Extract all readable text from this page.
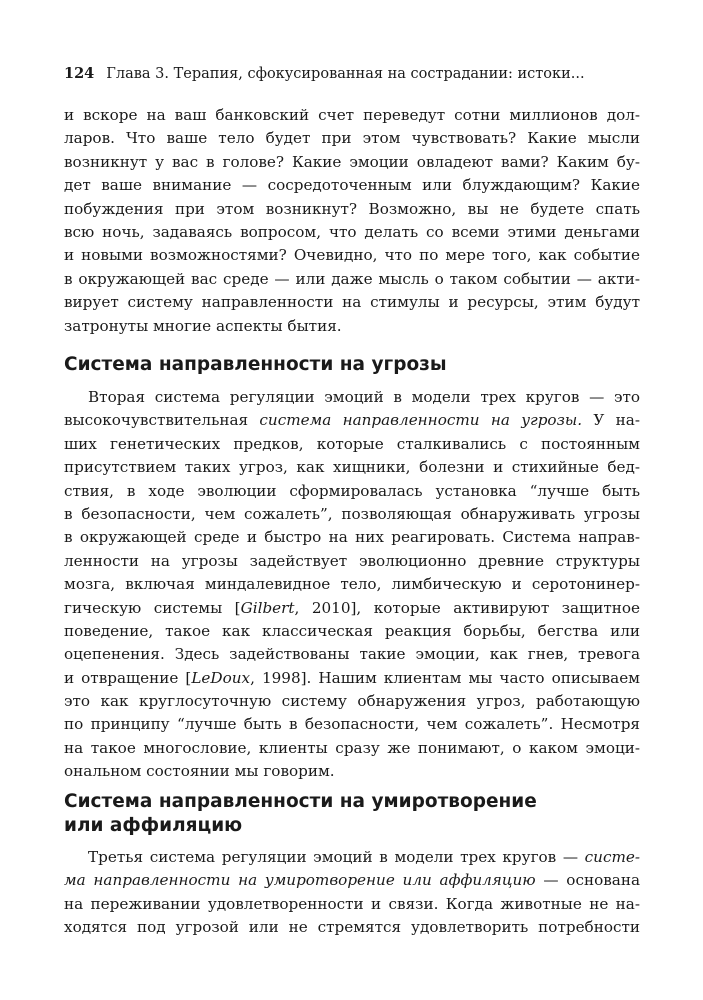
124 Глава 3. Терапия, сфокусированная на сострадании: истоки...
и вскоре на ваш банковский счет переведут сотни миллионов дол-
ларов. Что ваше тело будет при этом чувствовать? Какие мысли
возникнут у вас в голове? Какие эмоции овладеют вами? Каким бу-
дет ваше внимание — сосредоточенным или блуждающим? Какие
побуждения при этом возникнут? Возможно, вы не будете спать
всю ночь, задаваясь вопросом, что делать со всеми этими деньгами
и новыми возможностями? Очевидно, что по мере того, как событие
в окружающей вас среде — или даже мысль о таком событии — акти-
вирует систему направленности на стимулы и ресурсы, этим будут
затронуты многие аспекты бытия.
Система направленности на угрозы
Вторая система регуляции эмоций в модели трех кругов — это
высокочувствительная система направленности на угрозы. У на-
ших генетических предков, которые сталкивались с постоянным
присутствием таких угроз, как хищники, болезни и стихийные бед-
ствия, в ходе эволюции сформировалась установка “лучше быть
в безопасности, чем сожалеть”, позволяющая обнаруживать угрозы
в окружающей среде и быстро на них реагировать. Система направ-
ленности на угрозы задействует эволюционно древние структуры
мозга, включая миндалевидное тело, лимбическую и серотонинер-
гическую системы [Gilbert, 2010], которые активируют защитное
поведение, такое как классическая реакция борьбы, бегства или
оцепенения. Здесь задействованы такие эмоции, как гнев, тревога
и отвращение [LeDoux, 1998]. Нашим клиентам мы часто описываем
это как круглосуточную систему обнаружения угроз, работающую
по принципу “лучше быть в безопасности, чем сожалеть”. Несмотря
на такое многословие, клиенты сразу же понимают, о каком эмоци-
ональном состоянии мы говорим.
Система направленности на умиротворение
или аффиляцию
Третья система регуляции эмоций в модели трех кругов — систе-
ма направленности на умиротворение или аффиляцию — основана
на переживании удовлетворенности и связи. Когда животные не на-
ходятся под угрозой или не стремятся удовлетворить потребности
